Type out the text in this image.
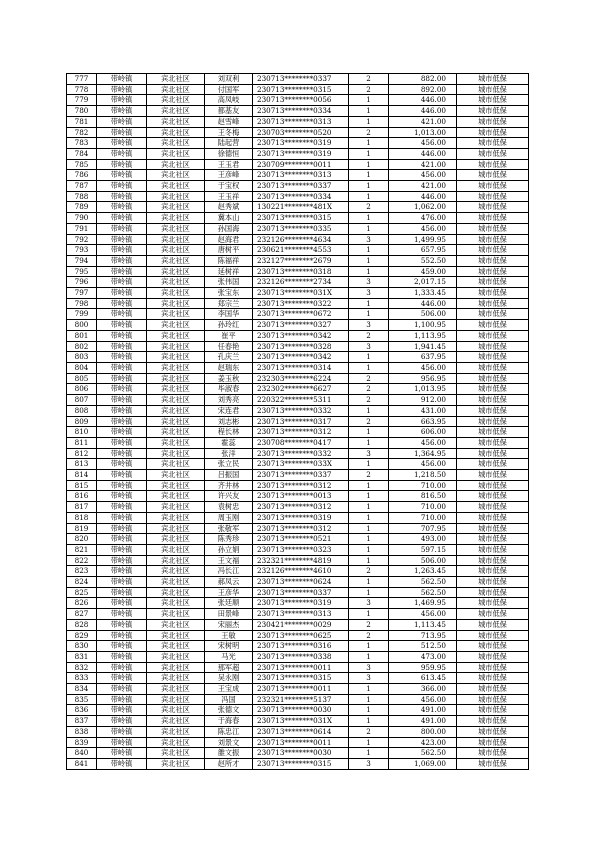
777	带岭镇	宾北社区	刘双利	230713********0337	2	882.00	城市低保
778	带岭镇	宾北社区	付国军	230713********0315	2	892.00	城市低保
779	带岭镇	宾北社区	高凤岐	230713********0056	1	446.00	城市低保
780	带岭镇	宾北社区	都基友	230713********0334	1	446.00	城市低保
781	带岭镇	宾北社区	赵雪峰	230713********0313	1	421.00	城市低保
782	带岭镇	宾北社区	王冬梅	230703********0520	2	1,013.00	城市低保
783	带岭镇	宾北社区	陆起营	230713********0319	1	456.00	城市低保
784	带岭镇	宾北社区	徐德恒	230713********0319	1	446.00	城市低保
785	带岭镇	宾北社区	王玉君	230709********0011	1	421.00	城市低保
786	带岭镇	宾北社区	王彦峰	230713********0313	1	456.00	城市低保
787	带岭镇	宾北社区	于宝权	230713********0337	1	421.00	城市低保
788	带岭镇	宾北社区	王玉祥	230713********0334	1	446.00	城市低保
789	带岭镇	宾北社区	赵秀斌	130221********481X	2	1,062.00	城市低保
790	带岭镇	宾北社区	冀本山	230713********0315	1	476.00	城市低保
791	带岭镇	宾北社区	孙国海	230713********0335	1	456.00	城市低保
792	带岭镇	宾北社区	赵海君	232126********4634	3	1,499.95	城市低保
793	带岭镇	宾北社区	唐树平	230621********4553	1	657.95	城市低保
794	带岭镇	宾北社区	陈福祥	232127********2679	1	552.50	城市低保
795	带岭镇	宾北社区	延树祥	230713********0318	1	459.00	城市低保
796	带岭镇	宾北社区	张伟国	232126********2734	3	2,017.15	城市低保
797	带岭镇	宾北社区	张宝东	230713********031X	3	1,333.45	城市低保
798	带岭镇	宾北社区	郑宗兰	230713********0322	1	446.00	城市低保
799	带岭镇	宾北社区	李国华	230713********0672	1	506.00	城市低保
800	带岭镇	宾北社区	孙玲红	230713********0327	3	1,100.95	城市低保
801	带岭镇	宾北社区	崔平	230713********0342	2	1,113.95	城市低保
802	带岭镇	宾北社区	任春艳	230713********0328	3	1,941.45	城市低保
803	带岭镇	宾北社区	孔庆兰	230713********0342	1	637.95	城市低保
804	带岭镇	宾北社区	赵瑞东	230713********0314	1	456.00	城市低保
805	带岭镇	宾北社区	姜玉秋	232303********6224	2	956.95	城市低保
806	带岭镇	宾北社区	毕淑春	232302********6627	2	1,013.95	城市低保
807	带岭镇	宾北社区	刘秀亮	220322********5311	2	912.00	城市低保
808	带岭镇	宾北社区	宋连君	230713********0332	1	431.00	城市低保
809	带岭镇	宾北社区	刘志彬	230713********0317	2	663.95	城市低保
810	带岭镇	宾北社区	程长林	230713********0312	1	606.00	城市低保
811	带岭镇	宾北社区	霍蕊	230708********0417	1	456.00	城市低保
812	带岭镇	宾北社区	张洋	230713********0332	3	1,364.95	城市低保
813	带岭镇	宾北社区	张立民	230713********033X	1	456.00	城市低保
814	带岭镇	宾北社区	吕振国	230713********0337	2	1,218.50	城市低保
815	带岭镇	宾北社区	齐井林	230713********0312	1	710.00	城市低保
816	带岭镇	宾北社区	许兴友	230713********0013	1	816.50	城市低保
817	带岭镇	宾北社区	袁树忠	230713********0312	1	710.00	城市低保
818	带岭镇	宾北社区	周玉刚	230713********0319	1	710.00	城市低保
819	带岭镇	宾北社区	张敬军	230713********0312	1	707.95	城市低保
820	带岭镇	宾北社区	陈秀珍	230713********0521	1	493.00	城市低保
821	带岭镇	宾北社区	孙立娟	230713********0323	1	597.15	城市低保
822	带岭镇	宾北社区	王文福	232321********4819	1	506.00	城市低保
823	带岭镇	宾北社区	冯长江	232126********4610	2	1,263.45	城市低保
824	带岭镇	宾北社区	郝凤云	230713********0624	1	562.50	城市低保
825	带岭镇	宾北社区	王彦华	230713********0337	1	562.50	城市低保
826	带岭镇	宾北社区	张廷顺	230713********0319	3	1,469.95	城市低保
827	带岭镇	宾北社区	田景峰	230713********0313	1	456.00	城市低保
828	带岭镇	宾北社区	宋丽杰	230421********0029	2	1,113.45	城市低保
829	带岭镇	宾北社区	王敏	230713********0625	2	713.95	城市低保
830	带岭镇	宾北社区	宋树明	230713********0316	1	512.50	城市低保
831	带岭镇	宾北社区	马光	230713********0338	1	473.00	城市低保
832	带岭镇	宾北社区	那军超	230713********0011	3	959.95	城市低保
833	带岭镇	宾北社区	吴永刚	230713********0315	3	613.45	城市低保
834	带岭镇	宾北社区	王宝成	230713********0011	1	366.00	城市低保
835	带岭镇	宾北社区	冯国	232321********5137	1	456.00	城市低保
836	带岭镇	宾北社区	张德文	230713********0030	1	491.00	城市低保
837	带岭镇	宾北社区	于海春	230713********031X	1	491.00	城市低保
838	带岭镇	宾北社区	陈忠江	230713********0614	2	800.00	城市低保
839	带岭镇	宾北社区	刘景文	230713********0011	1	423.00	城市低保
840	带岭镇	宾北社区	雒文振	230713********0030	1	562.50	城市低保
841	带岭镇	宾北社区	赵所才	230713********0315	3	1,069.00	城市低保
